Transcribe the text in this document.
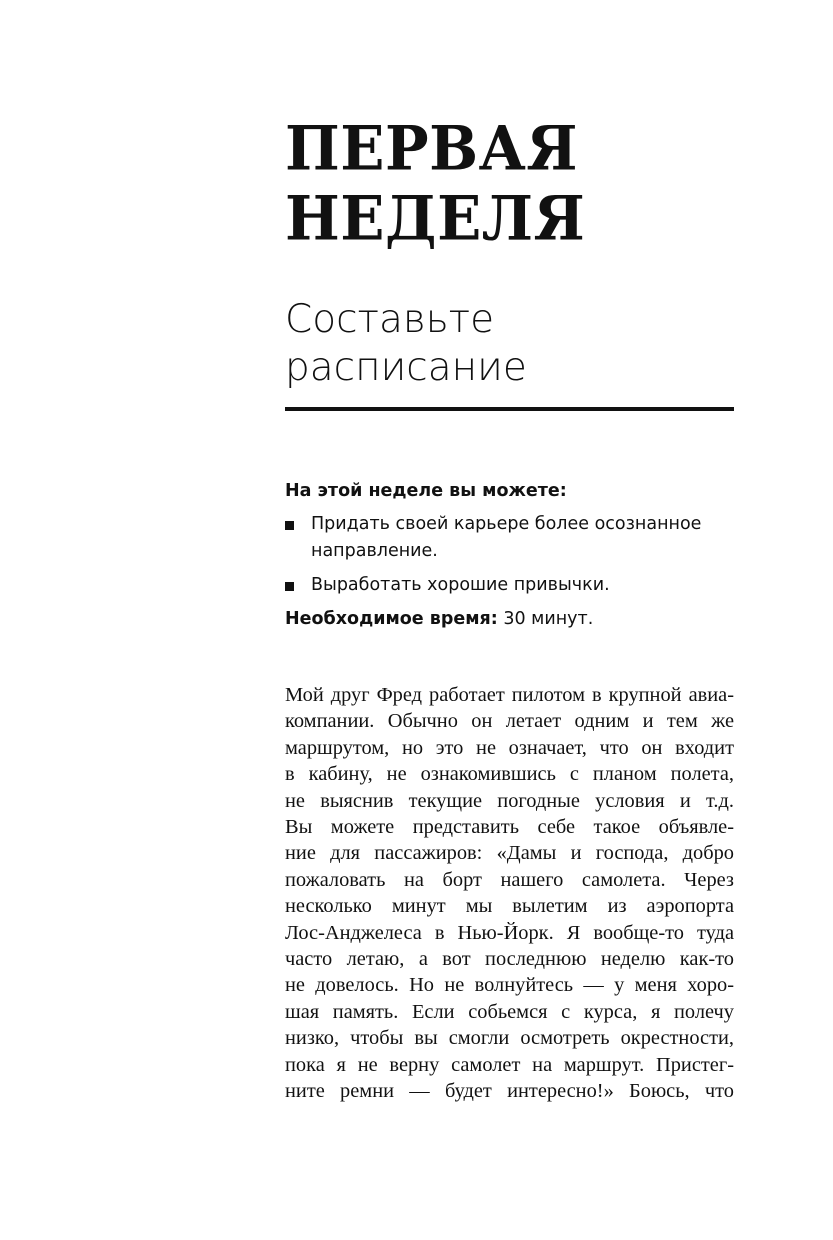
ПЕРВАЯ
НЕДЕЛЯ
Составьте
расписание

На этой неделе вы можете:

Придать своей карьере более осознанное
направление.
Выработать хорошие привычки.
Необходимое время: 30 минут.
Мой друг Фред работает пилотом в крупной авиа-
компании. Обычно он летает одним и тем же
маршрутом, но это не означает, что он входит
в кабину, не ознакомившись с планом полета,
не выяснив текущие погодные условия и т.д.
Вы можете представить себе такое объявле-
ние для пассажиров: «Дамы и господа, добро
пожаловать на борт нашего самолета. Через
несколько минут мы вылетим из аэропорта
Лос-Анджелеса в Нью-Йорк. Я вообще-то туда
часто летаю, а вот последнюю неделю как-то
не довелось. Но не волнуйтесь — у меня хоро-
шая память. Если собьемся с курса, я полечу
низко, чтобы вы смогли осмотреть окрестности,
пока я не верну самолет на маршрут. Пристег-
ните ремни — будет интересно!» Боюсь, что
